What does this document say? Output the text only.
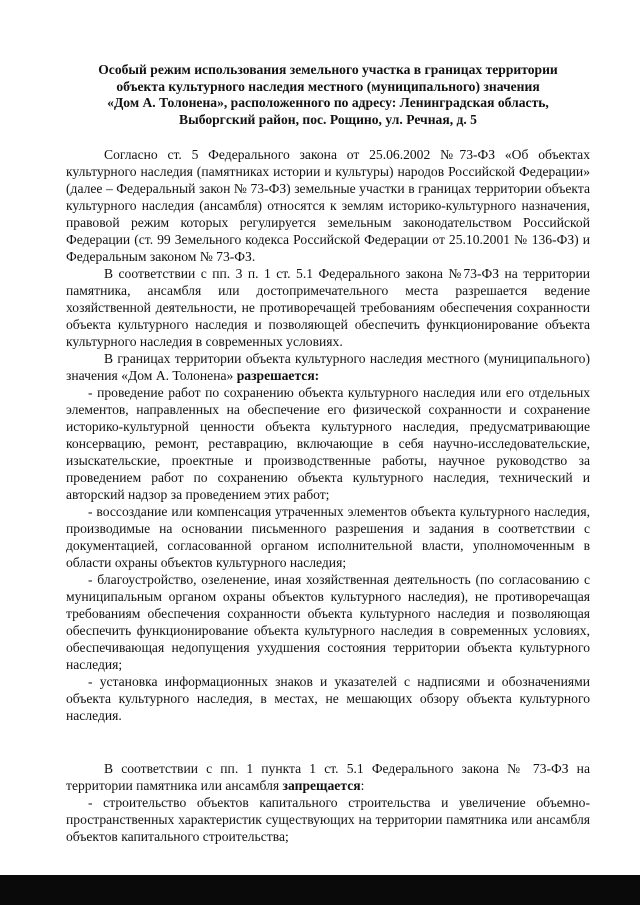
Особый режим использования земельного участка в границах территории
объекта культурного наследия местного (муниципального) значения
«Дом А. Толонена», расположенного по адресу: Ленинградская область,
Выборгский район, пос. Рощино, ул. Речная, д. 5

Согласно ст. 5 Федерального закона от 25.06.2002 №73-ФЗ «Об объектах культурного наследия (памятниках истории и культуры) народов Российской Федерации» (далее – Федеральный закон № 73-ФЗ) земельные участки в границах территории объекта культурного наследия (ансамбля) относятся к землям историко-культурного назначения, правовой режим которых регулируется земельным законодательством Российской Федерации (ст. 99 Земельного кодекса Российской Федерации от 25.10.2001 № 136-ФЗ) и Федеральным законом № 73-ФЗ.

В соответствии с пп. 3 п. 1 ст. 5.1 Федерального закона №73-ФЗ на территории памятника, ансамбля или достопримечательного места разрешается ведение хозяйственной деятельности, не противоречащей требованиям обеспечения сохранности объекта культурного наследия и позволяющей обеспечить функционирование объекта культурного наследия в современных условиях.

В границах территории объекта культурного наследия местного (муниципального) значения «Дом А. Толонена» разрешается:

- проведение работ по сохранению объекта культурного наследия или его отдельных элементов, направленных на обеспечение его физической сохранности и сохранение историко-культурной ценности объекта культурного наследия, предусматривающие консервацию, ремонт, реставрацию, включающие в себя научно-исследовательские, изыскательские, проектные и производственные работы, научное руководство за проведением работ по сохранению объекта культурного наследия, технический и авторский надзор за проведением этих работ;

- воссоздание или компенсация утраченных элементов объекта культурного наследия, производимые на основании письменного разрешения и задания в соответствии с документацией, согласованной органом исполнительной власти, уполномоченным в области охраны объектов культурного наследия;

- благоустройство, озеленение, иная хозяйственная деятельность (по согласованию с муниципальным органом охраны объектов культурного наследия), не противоречащая требованиям обеспечения сохранности объекта культурного наследия и позволяющая обеспечить функционирование объекта культурного наследия в современных условиях, обеспечивающая недопущения ухудшения состояния территории объекта культурного наследия;

- установка информационных знаков и указателей с надписями и обозначениями объекта культурного наследия, в местах, не мешающих обзору объекта культурного наследия.

В соответствии с пп. 1 пункта 1 ст. 5.1 Федерального закона № 73-ФЗ на территории памятника или ансамбля запрещается:

- строительство объектов капитального строительства и увеличение объемно-пространственных характеристик существующих на территории памятника или ансамбля объектов капитального строительства;
